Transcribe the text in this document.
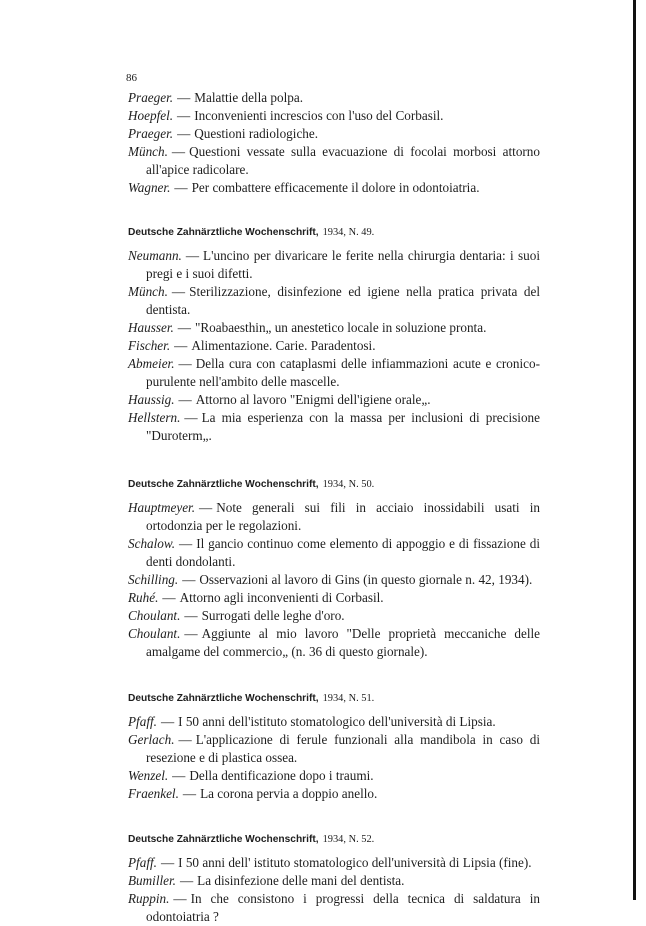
86
Praeger. — Malattie della polpa.
Hoepfel. — Inconvenienti increscios con l'uso del Corbasil.
Praeger. — Questioni radiologiche.
Münch. — Questioni vessate sulla evacuazione di focolai morbosi attorno all'apice radicolare.
Wagner. — Per combattere efficacemente il dolore in odontoiatria.
Deutsche Zahnärztliche Wochenschrift, 1934, N. 49.
Neumann. — L'uncino per divaricare le ferite nella chirurgia dentaria: i suoi pregi e i suoi difetti.
Münch. — Sterilizzazione, disinfezione ed igiene nella pratica privata del dentista.
Hausser. — "Roabaesthin„ un anestetico locale in soluzione pronta.
Fischer. — Alimentazione. Carie. Paradentosi.
Abmeier. — Della cura con cataplasmi delle infiammazioni acute e cronico-purulente nell'ambito delle mascelle.
Haussig. — Attorno al lavoro "Enigmi dell'igiene orale„.
Hellstern. — La mia esperienza con la massa per inclusioni di precisione "Duroterm„.
Deutsche Zahnärztliche Wochenschrift, 1934, N. 50.
Hauptmeyer. — Note generali sui fili in acciaio inossidabili usati in ortodonzia per le regolazioni.
Schalow. — Il gancio continuo come elemento di appoggio e di fissazione di denti dondolanti.
Schilling. — Osservazioni al lavoro di Gins (in questo giornale n. 42, 1934).
Ruhé. — Attorno agli inconvenienti di Corbasil.
Choulant. — Surrogati delle leghe d'oro.
Choulant. — Aggiunte al mio lavoro "Delle proprietà meccaniche delle amalgame del commercio„ (n. 36 di questo giornale).
Deutsche Zahnärztliche Wochenschrift, 1934, N. 51.
Pfaff. — I 50 anni dell'istituto stomatologico dell'università di Lipsia.
Gerlach. — L'applicazione di ferule funzionali alla mandibola in caso di resezione e di plastica ossea.
Wenzel. — Della dentificazione dopo i traumi.
Fraenkel. — La corona pervia a doppio anello.
Deutsche Zahnärztliche Wochenschrift, 1934, N. 52.
Pfaff. — I 50 anni dell' istituto stomatologico dell'università di Lipsia (fine).
Bumiller. — La disinfezione delle mani del dentista.
Ruppin. — In che consistono i progressi della tecnica di saldatura in odontoiatria ?
